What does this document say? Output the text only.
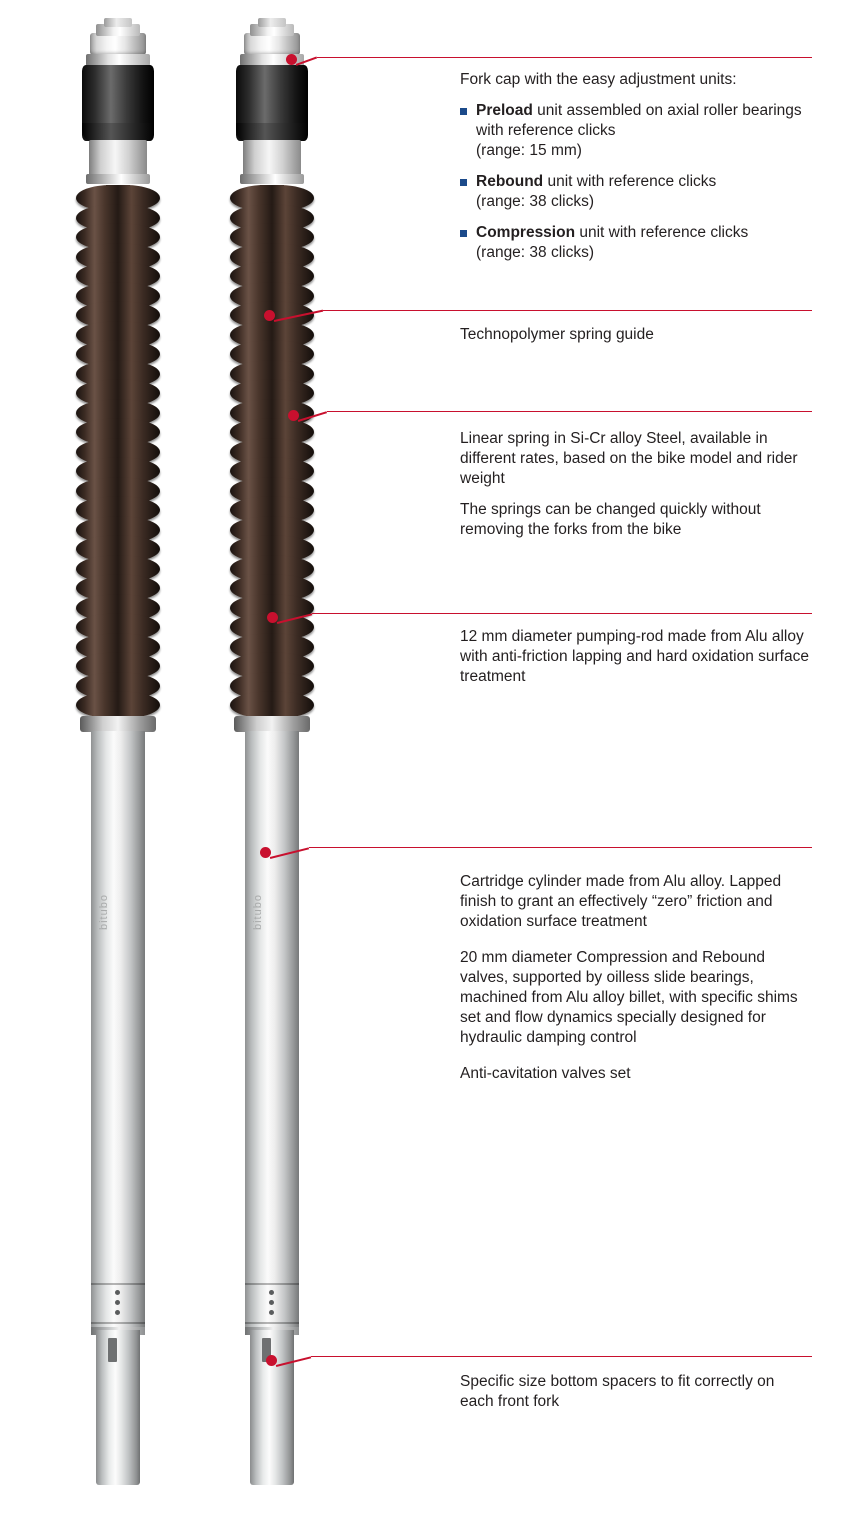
bitubo	bitubo

Fork cap with the easy adjustment units:

Preload unit assembled on axial roller bearings with reference clicks
(range: 15 mm)

Rebound unit with reference clicks
(range: 38 clicks)

Compression unit with reference clicks
(range: 38 clicks)

Technopolymer spring guide

Linear spring in Si-Cr alloy Steel, available in different rates, based on the bike model and rider weight

The springs can be changed quickly without removing the forks from the bike

12 mm diameter pumping-rod made from Alu alloy with anti-friction lapping and hard oxidation surface treatment

Cartridge cylinder made from Alu alloy. Lapped finish to grant an effectively “zero” friction and oxidation surface treatment

20 mm diameter Compression and Rebound valves, supported by oilless slide bearings, machined from Alu alloy billet, with specific shims set and flow dynamics specially designed for hydraulic damping control

Anti-cavitation valves set

Specific size bottom spacers to fit correctly on each front fork
